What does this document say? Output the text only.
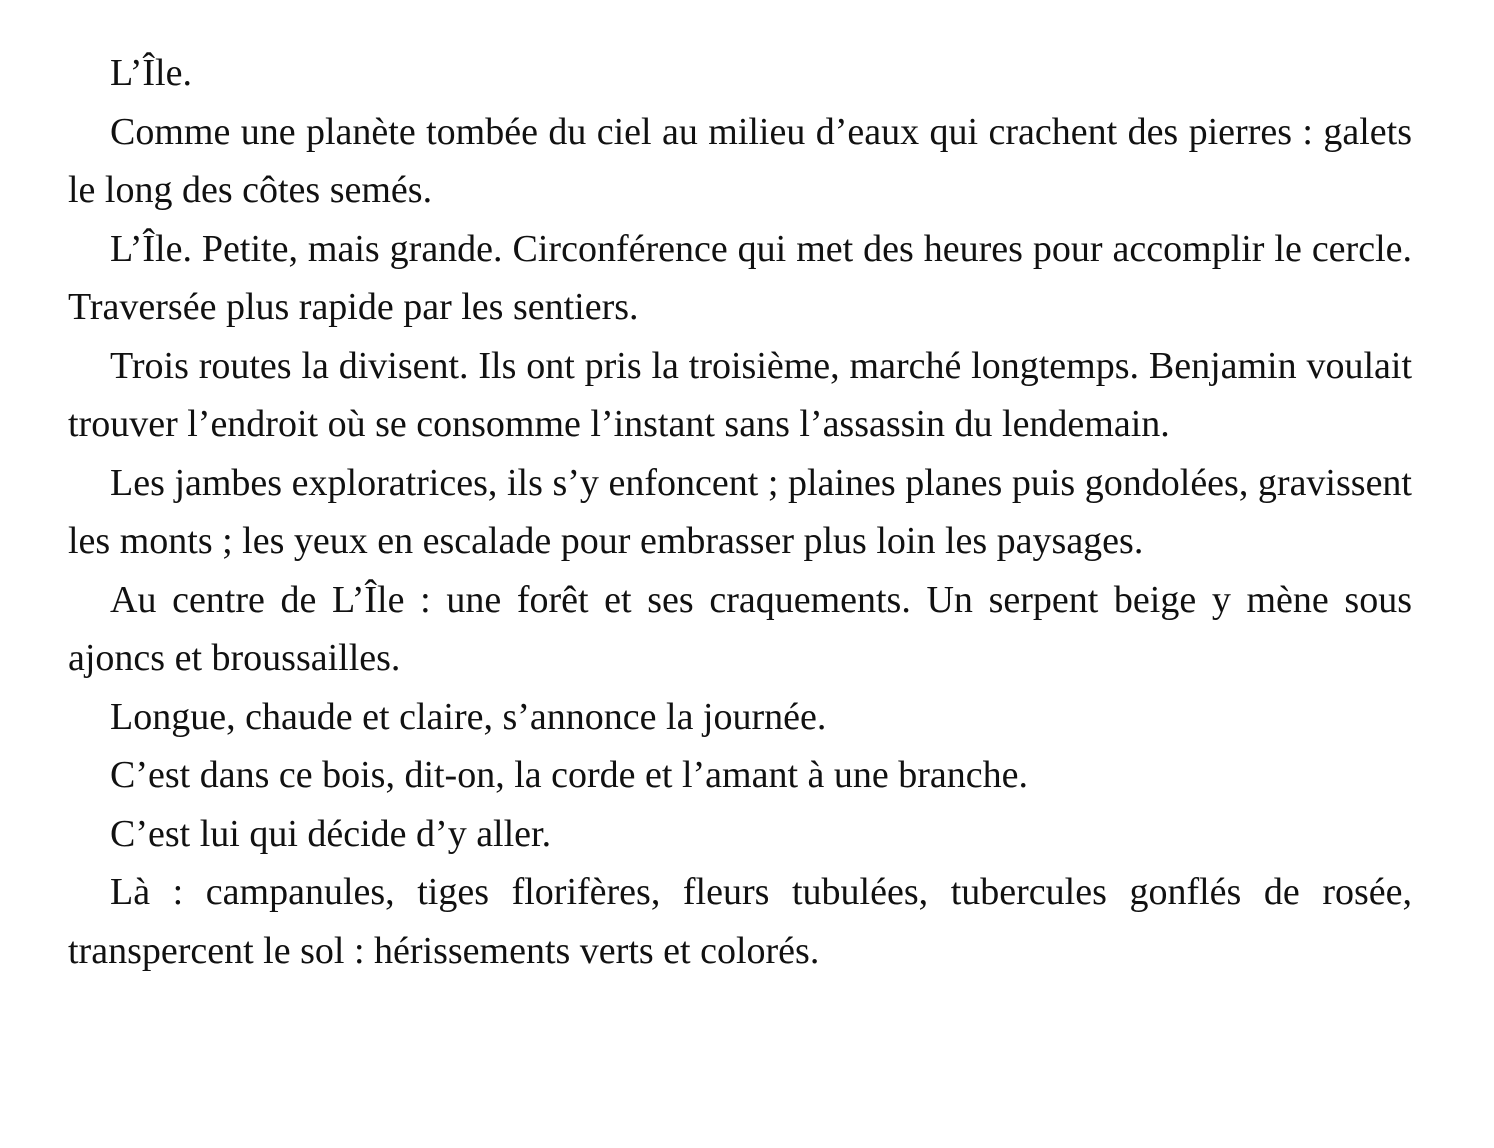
L’Île.

Comme une planète tombée du ciel au milieu d’eaux qui crachent des pierres : galets le long des côtes semés.

L’Île. Petite, mais grande. Circonférence qui met des heures pour accomplir le cercle. Traversée plus rapide par les sentiers.

Trois routes la divisent. Ils ont pris la troisième, marché longtemps. Benjamin voulait trouver l’endroit où se consomme l’instant sans l’assassin du lendemain.

Les jambes exploratrices, ils s’y enfoncent ; plaines planes puis gondolées, gravissent les monts ; les yeux en escalade pour embrasser plus loin les paysages.

Au centre de L’Île : une forêt et ses craquements. Un serpent beige y mène sous ajoncs et broussailles.

Longue, chaude et claire, s’annonce la journée.

C’est dans ce bois, dit-on, la corde et l’amant à une branche.

C’est lui qui décide d’y aller.

Là : campanules, tiges florifères, fleurs tubulées, tubercules gonflés de rosée, transpercent le sol : hérissements verts et colorés.
